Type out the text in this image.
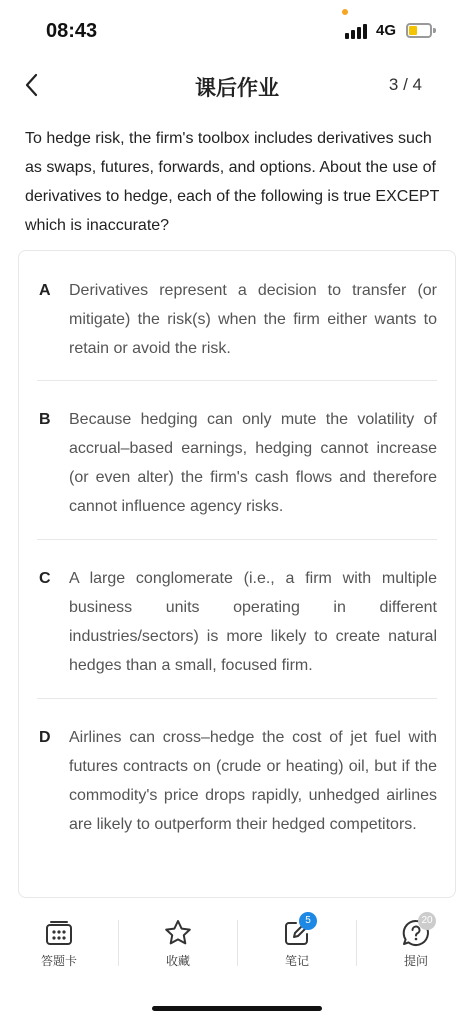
08:43	4G
课后作业	3 / 4
To hedge risk, the firm's toolbox includes derivatives such as swaps, futures, forwards, and options. About the use of derivatives to hedge, each of the following is true EXCEPT which is inaccurate?
A Derivatives represent a decision to transfer (or mitigate) the risk(s) when the firm either wants to retain or avoid the risk.
B Because hedging can only mute the volatility of accrual–based earnings, hedging cannot increase (or even alter) the firm's cash flows and therefore cannot influence agency risks.
C A large conglomerate (i.e., a firm with multiple business units operating in different industries/sectors) is more likely to create natural hedges than a small, focused firm.
D Airlines can cross–hedge the cost of jet fuel with futures contracts on (crude or heating) oil, but if the commodity's price drops rapidly, unhedged airlines are likely to outperform their hedged competitors.
答题卡	收藏
5
笔记
20
提问
